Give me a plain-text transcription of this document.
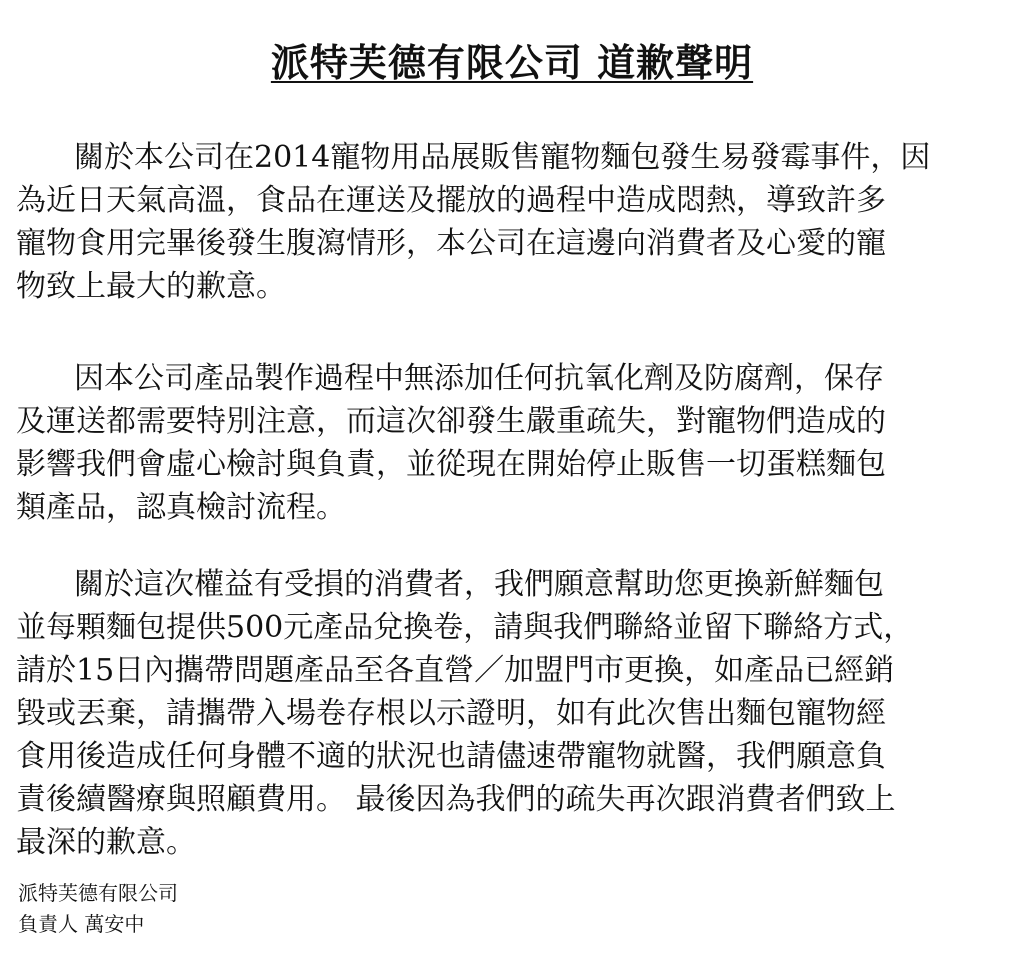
派特芙德有限公司 道歉聲明
關於本公司在2014寵物用品展販售寵物麵包發生易發霉事件，因
為近日天氣高溫，食品在運送及擺放的過程中造成悶熱，導致許多
寵物食用完畢後發生腹瀉情形，本公司在這邊向消費者及心愛的寵
物致上最大的歉意。
因本公司產品製作過程中無添加任何抗氧化劑及防腐劑，保存
及運送都需要特別注意，而這次卻發生嚴重疏失，對寵物們造成的
影響我們會虛心檢討與負責，並從現在開始停止販售一切蛋糕麵包
類產品，認真檢討流程。
關於這次權益有受損的消費者，我們願意幫助您更換新鮮麵包
並每顆麵包提供500元產品兌換卷，請與我們聯絡並留下聯絡方式，
請於15日內攜帶問題產品至各直營／加盟門市更換，如產品已經銷
毀或丟棄，請攜帶入場卷存根以示證明，如有此次售出麵包寵物經
食用後造成任何身體不適的狀況也請儘速帶寵物就醫，我們願意負
責後續醫療與照顧費用。 最後因為我們的疏失再次跟消費者們致上
最深的歉意。
派特芙德有限公司
負責人 萬安中
